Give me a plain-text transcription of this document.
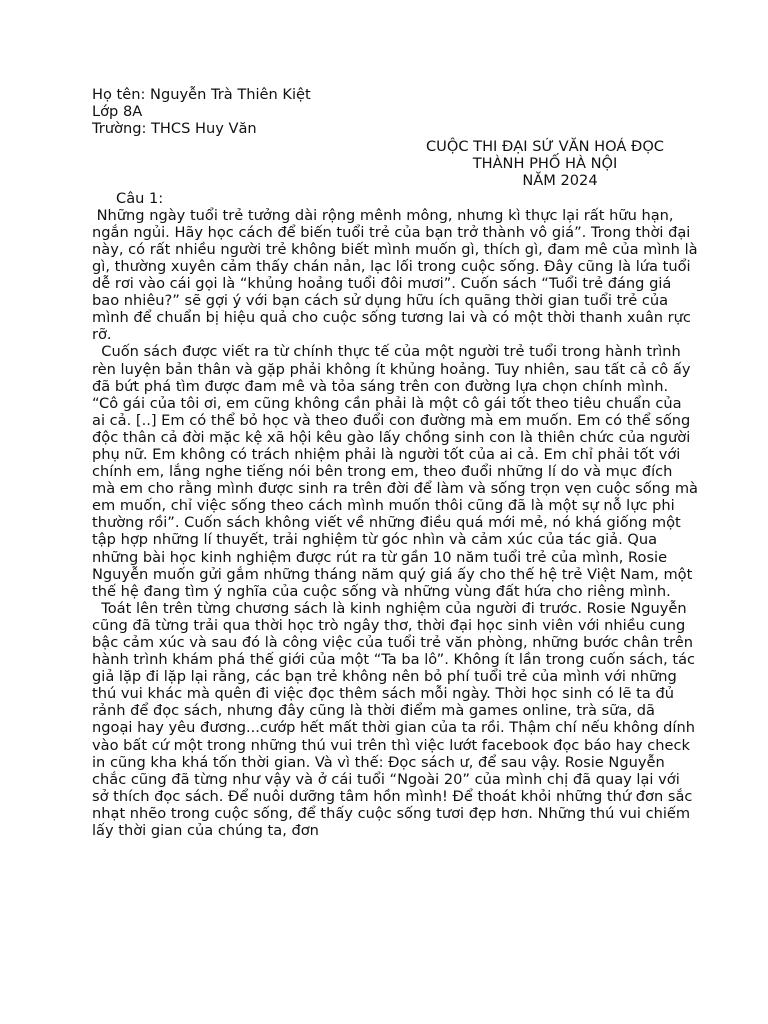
Họ tên: Nguyễn Trà Thiên Kiệt
Lớp 8A
Trường: THCS Huy Văn
CUỘC THI ĐẠI SỨ VĂN HOÁ ĐỌC
THÀNH PHỐ HÀ NỘI
NĂM 2024
Câu 1:

Những ngày tuổi trẻ tưởng dài rộng mênh mông, nhưng kì thực lại rất hữu hạn, ngắn ngủi. Hãy học cách để biến tuổi trẻ của bạn trở thành vô giá”. Trong thời đại này, có rất nhiều người trẻ không biết mình muốn gì, thích gì, đam mê của mình là gì, thường xuyên cảm thấy chán nản, lạc lối trong cuộc sống. Đây cũng là lứa tuổi dễ rơi vào cái gọi là “khủng hoảng tuổi đôi mươi”. Cuốn sách “Tuổi trẻ đáng giá bao nhiêu?” sẽ gợi ý với bạn cách sử dụng hữu ích quãng thời gian tuổi trẻ của mình để chuẩn bị hiệu quả cho cuộc sống tương lai và có một thời thanh xuân rực rỡ.

Cuốn sách được viết ra từ chính thực tế của một người trẻ tuổi trong hành trình rèn luyện bản thân và gặp phải không ít khủng hoảng. Tuy nhiên, sau tất cả cô ấy đã bứt phá tìm được đam mê và tỏa sáng trên con đường lựa chọn chính mình.

“Cô gái của tôi ơi, em cũng không cần phải là một cô gái tốt theo tiêu chuẩn của ai cả. [..] Em có thể bỏ học và theo đuổi con đường mà em muốn. Em có thể sống độc thân cả đời mặc kệ xã hội kêu gào lấy chồng sinh con là thiên chức của người phụ nữ. Em không có trách nhiệm phải là người tốt của ai cả. Em chỉ phải tốt với chính em, lắng nghe tiếng nói bên trong em, theo đuổi những lí do và mục đích mà em cho rằng mình được sinh ra trên đời để làm và sống trọn vẹn cuộc sống mà em muốn, chỉ việc sống theo cách mình muốn thôi cũng đã là một sự nỗ lực phi thường rồi”. Cuốn sách không viết về những điều quá mới mẻ, nó khá giống một tập hợp những lí thuyết, trải nghiệm từ góc nhìn và cảm xúc của tác giả. Qua những bài học kinh nghiệm được rút ra từ gần 10 năm tuổi trẻ của mình, Rosie Nguyễn muốn gửi gắm những tháng năm quý giá ấy cho thế hệ trẻ Việt Nam, một thế hệ đang tìm ý nghĩa của cuộc sống và những vùng đất hứa cho riêng mình.

Toát lên trên từng chương sách là kinh nghiệm của người đi trước. Rosie Nguyễn cũng đã từng trải qua thời học trò ngây thơ, thời đại học sinh viên với nhiều cung bậc cảm xúc và sau đó là công việc của tuổi trẻ văn phòng, những bước chân trên hành trình khám phá thế giới của một “Ta ba lô”. Không ít lần trong cuốn sách, tác giả lặp đi lặp lại rằng, các bạn trẻ không nên bỏ phí tuổi trẻ của mình với những thú vui khác mà quên đi việc đọc thêm sách mỗi ngày. Thời học sinh có lẽ ta đủ rảnh để đọc sách, nhưng đây cũng là thời điểm mà games online, trà sữa, dã ngoại hay yêu đương...cướp hết mất thời gian của ta rồi. Thậm chí nếu không dính vào bất cứ một trong những thú vui trên thì việc lướt facebook đọc báo hay check in cũng kha khá tốn thời gian. Và vì thế: Đọc sách ư, để sau vậy. Rosie Nguyễn chắc cũng đã từng như vậy và ở cái tuổi “Ngoài 20” của mình chị đã quay lại với sở thích đọc sách. Để nuôi dưỡng tâm hồn mình! Để thoát khỏi những thứ đơn sắc nhạt nhẽo trong cuộc sống, để thấy cuộc sống tươi đẹp hơn. Những thú vui chiếm lấy thời gian của chúng ta, đơn
